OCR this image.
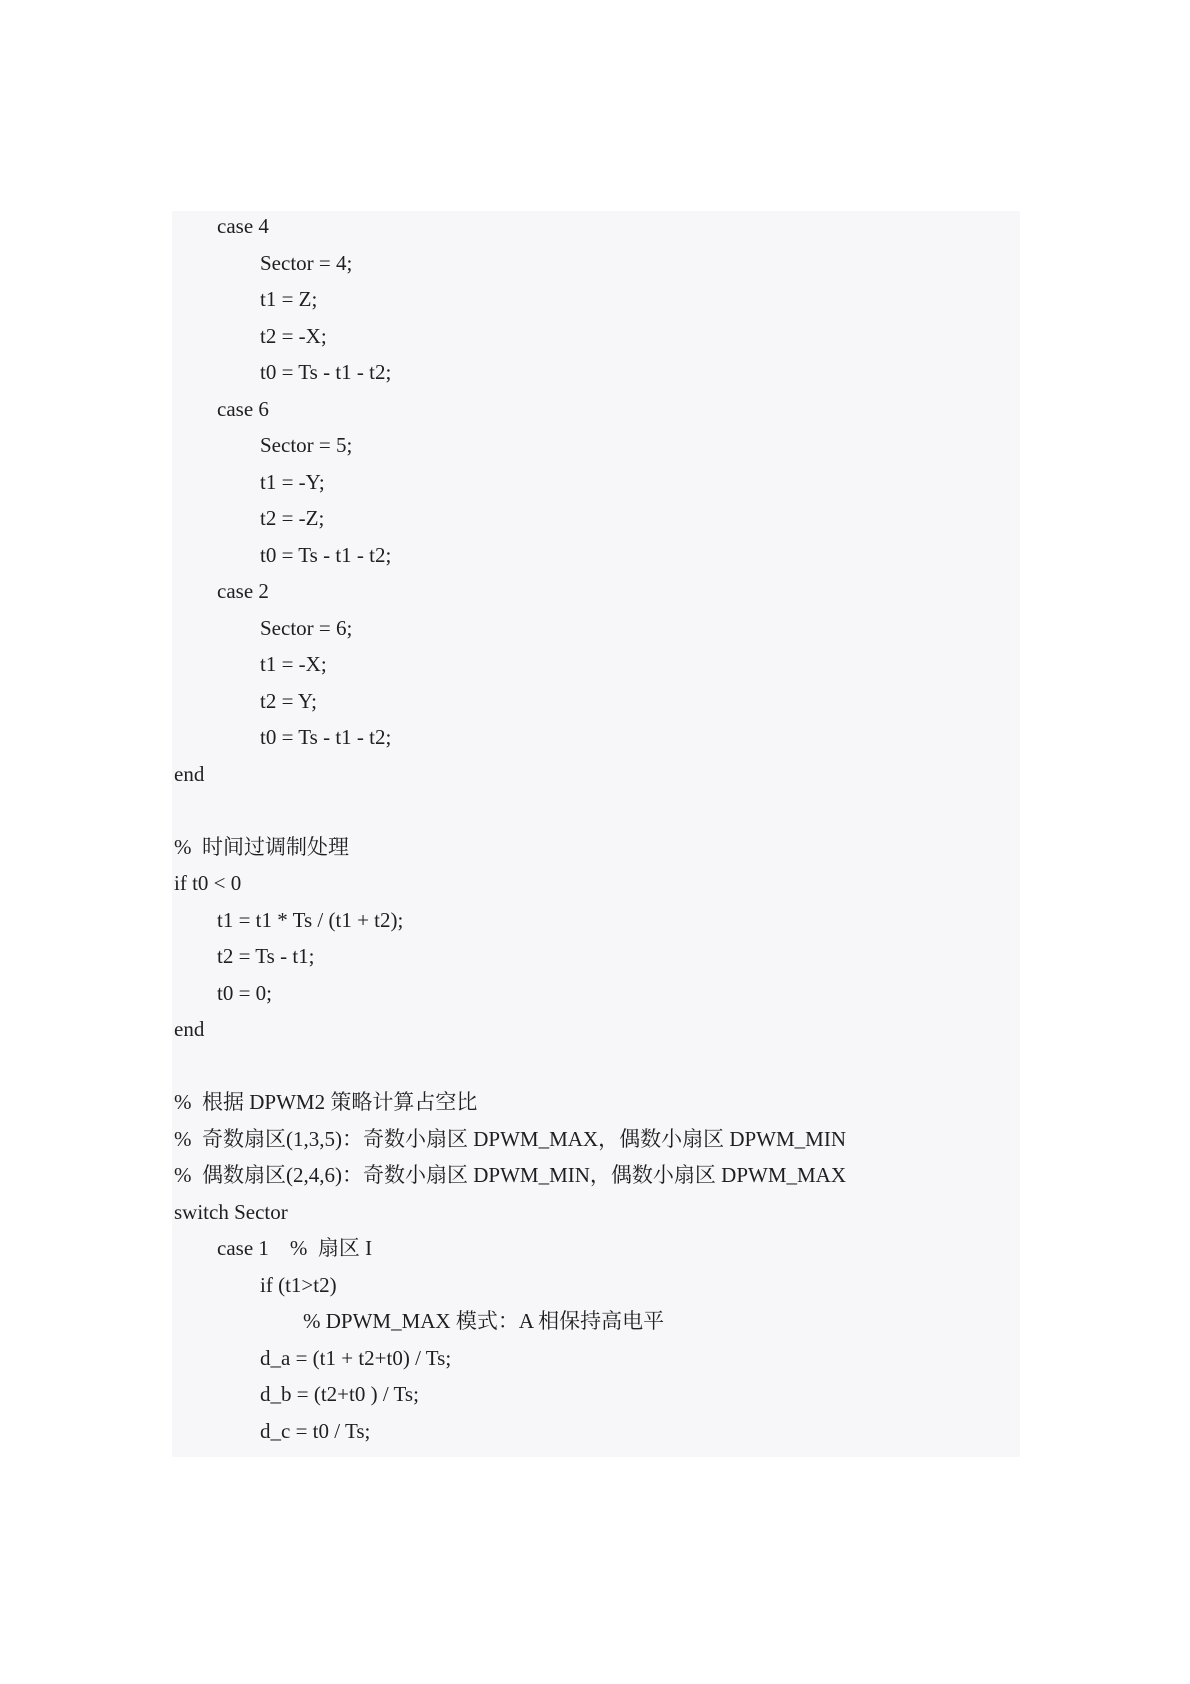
case 4
Sector = 4;
t1 = Z;
t2 = -X;
t0 = Ts - t1 - t2;
case 6
Sector = 5;
t1 = -Y;
t2 = -Z;
t0 = Ts - t1 - t2;
case 2
Sector = 6;
t1 = -X;
t2 = Y;
t0 = Ts - t1 - t2;
end
%  时间过调制处理
if t0 < 0
t1 = t1 * Ts / (t1 + t2);
t2 = Ts - t1;
t0 = 0;
end
%  根据 DPWM2 策略计算占空比
%  奇数扇区(1,3,5)：奇数小扇区 DPWM_MAX，偶数小扇区 DPWM_MIN
%  偶数扇区(2,4,6)：奇数小扇区 DPWM_MIN，偶数小扇区 DPWM_MAX
switch Sector
case 1    %  扇区 I
if (t1>t2)
% DPWM_MAX 模式：A 相保持高电平
d_a = (t1 + t2+t0) / Ts;
d_b = (t2+t0 ) / Ts;
d_c = t0 / Ts;
